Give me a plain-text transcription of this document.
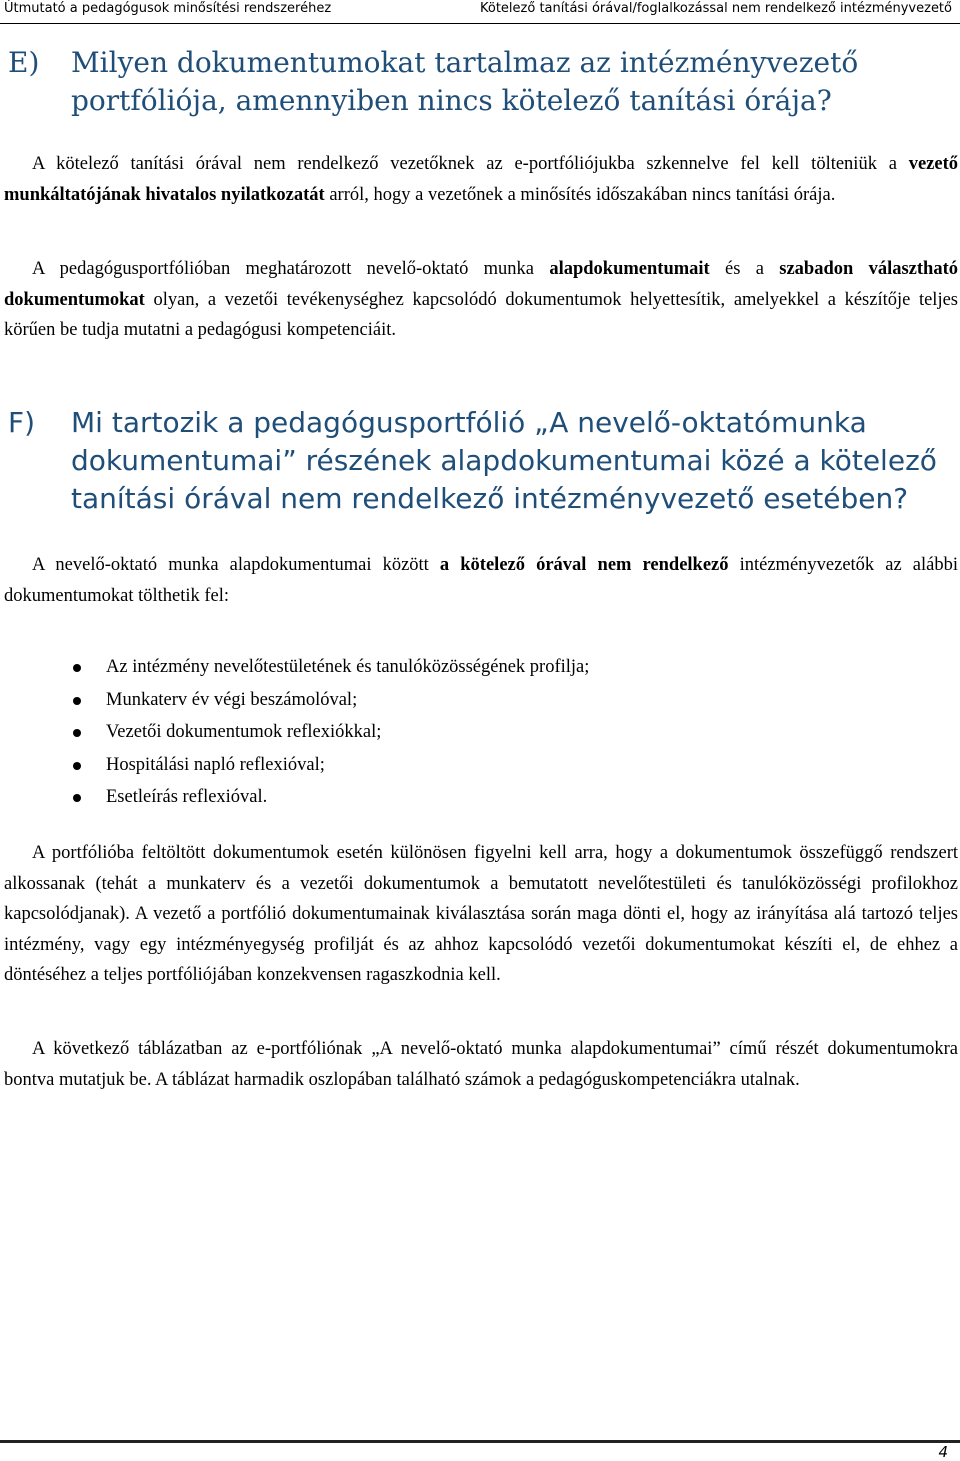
Útmutató a pedagógusok minősítési rendszeréhez	Kötelező tanítási órával/foglalkozással nem rendelkező intézményvezető
E) Milyen dokumentumokat tartalmaz az intézményvezető portfóliója, amennyiben nincs kötelező tanítási órája?

A kötelező tanítási órával nem rendelkező vezetőknek az e-portfóliójukba szkennelve fel kell tölteniük a vezető munkáltatójának hivatalos nyilatkozatát arról, hogy a vezetőnek a minősítés időszakában nincs tanítási órája.

A pedagógusportfólióban meghatározott nevelő-oktató munka alapdokumentumait és a szabadon választható dokumentumokat olyan, a vezetői tevékenységhez kapcsolódó dokumentumok helyettesítik, amelyekkel a készítője teljes körűen be tudja mutatni a pedagógusi kompetenciáit.

F) Mi tartozik a pedagógusportfólió „A nevelő-oktatómunka dokumentumai” részének alapdokumentumai közé a kötelező tanítási órával nem rendelkező intézményvezető esetében?

A nevelő-oktató munka alapdokumentumai között a kötelező órával nem rendelkező intézményvezetők az alábbi dokumentumokat tölthetik fel:

Az intézmény nevelőtestületének és tanulóközösségének profilja;
Munkaterv év végi beszámolóval;
Vezetői dokumentumok reflexiókkal;
Hospitálási napló reflexióval;
Esetleírás reflexióval.

A portfólióba feltöltött dokumentumok esetén különösen figyelni kell arra, hogy a dokumentumok összefüggő rendszert alkossanak (tehát a munkaterv és a vezetői dokumentumok a bemutatott nevelőtestületi és tanulóközösségi profilokhoz kapcsolódjanak). A vezető a portfólió dokumentumainak kiválasztása során maga dönti el, hogy az irányítása alá tartozó teljes intézmény, vagy egy intézményegység profilját és az ahhoz kapcsolódó vezetői dokumentumokat készíti el, de ehhez a döntéséhez a teljes portfóliójában konzekvensen ragaszkodnia kell.

A következő táblázatban az e-portfóliónak „A nevelő-oktató munka alapdokumentumai” című részét dokumentumokra bontva mutatjuk be. A táblázat harmadik oszlopában található számok a pedagóguskompetenciákra utalnak.

4
